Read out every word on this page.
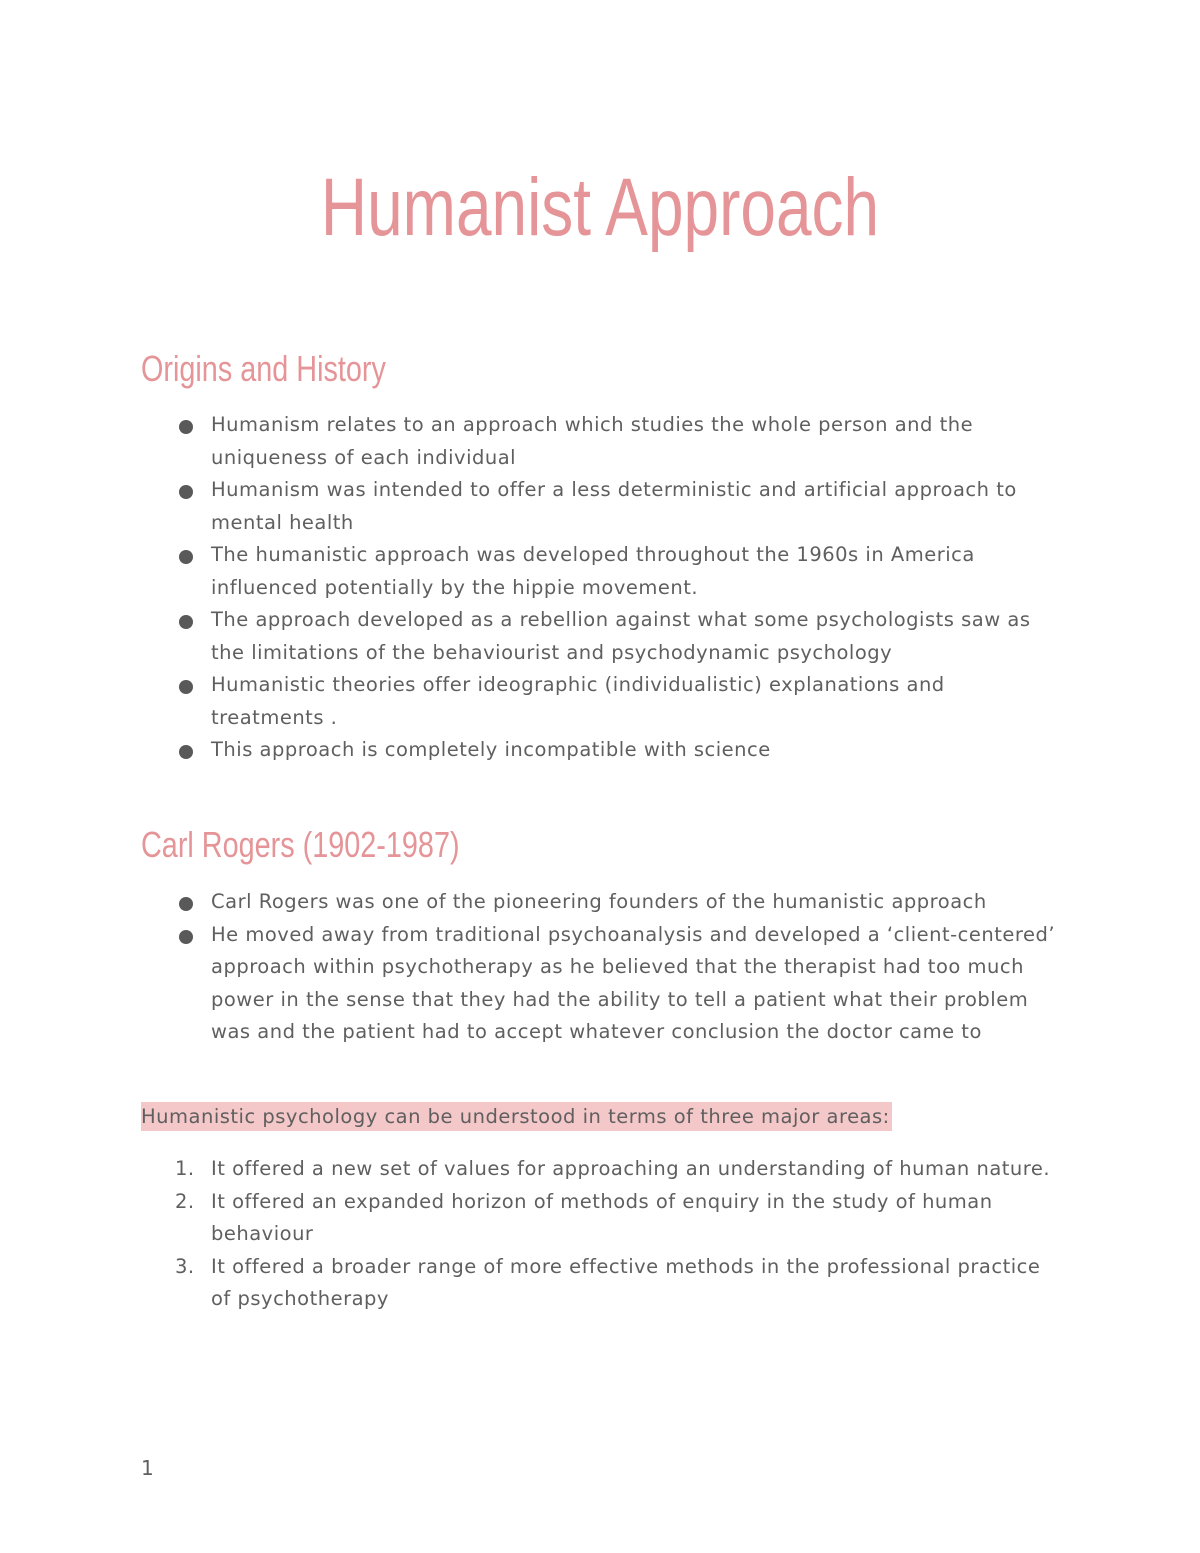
Humanist Approach
Origins and History
Humanism relates to an approach which studies the whole person and the uniqueness of each individual
Humanism was intended to offer a less deterministic and artificial approach to mental health
The humanistic approach was developed throughout the 1960s in America influenced potentially by the hippie movement.
The approach developed as a rebellion against what some psychologists saw as the limitations of the behaviourist and psychodynamic psychology
Humanistic theories offer ideographic (individualistic) explanations and treatments .
This approach is completely incompatible with science
Carl Rogers (1902-1987)
Carl Rogers was one of the pioneering founders of the humanistic approach
He moved away from traditional psychoanalysis and developed a ‘client-centered’ approach within psychotherapy as he believed that the therapist had too much power in the sense that they had the ability to tell a patient what their problem was and the patient had to accept whatever conclusion the doctor came to
Humanistic psychology can be understood in terms of three major areas:
1. It offered a new set of values for approaching an understanding of human nature.
2. It offered an expanded horizon of methods of enquiry in the study of human behaviour
3. It offered a broader range of more effective methods in the professional practice of psychotherapy
1
